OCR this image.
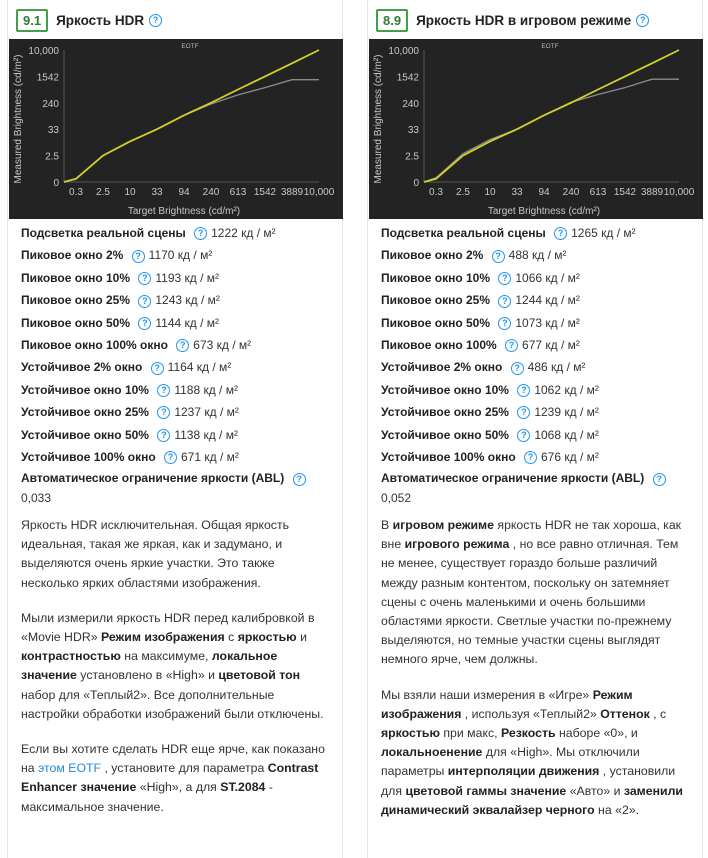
9.1	Яркость HDR ?
EOTF
Measured Brightness (cd/m²)
Target Brightness (cd/m²)
10,000
1542
240
33
2.5
0
0.3 2.5 10 33 94 240 613 1542 3889 10,000
Подсветка реальной сцены ? 1222 кд / м²
Пиковое окно 2% ? 1170 кд / м²
Пиковое окно 10% ? 1193 кд / м²
Пиковое окно 25% ? 1243 кд / м²
Пиковое окно 50% ? 1144 кд / м²
Пиковое окно 100% окно ? 673 кд / м²
Устойчивое 2% окно ? 1164 кд / м²
Устойчивое окно 10% ? 1188 кд / м²
Устойчивое окно 25% ? 1237 кд / м²
Устойчивое окно 50% ? 1138 кд / м²
Устойчивое 100% окно ? 671 кд / м²
Автоматическое ограничение яркости (ABL) ?
0,033

Яркость HDR исключительная. Общая яркость идеальная, такая же яркая, как и задумано, и выделяются очень яркие участки. Это также несколько ярких областями изображения.

Мыли измерили яркость HDR перед калибровкой в «Movie HDR» Режим изображения с яркостью и контрастностью на максимуме, локальное значение установлено в «High» и цветовой тон набор для «Теплый2». Все дополнительные настройки обработки изображений были отключены.

Если вы хотите сделать HDR еще ярче, как показано на этом EOTF , установите для параметра Contrast Enhancer значение «High», а для ST.2084 - максимальное значение.

8.9	Яркость HDR в игровом режиме ?
EOTF
Measured Brightness (cd/m²)
Target Brightness (cd/m²)
10,000
1542
240
33
2.5
0
0.3 2.5 10 33 94 240 613 1542 3889 10,000
Подсветка реальной сцены ? 1265 кд / м²
Пиковое окно 2% ? 488 кд / м²
Пиковое окно 10% ? 1066 кд / м²
Пиковое окно 25% ? 1244 кд / м²
Пиковое окно 50% ? 1073 кд / м²
Пиковое окно 100% ? 677 кд / м²
Устойчивое 2% окно ? 486 кд / м²
Устойчивое окно 10% ? 1062 кд / м²
Устойчивое окно 25% ? 1239 кд / м²
Устойчивое окно 50% ? 1068 кд / м²
Устойчивое 100% окно ? 676 кд / м²
Автоматическое ограничение яркости (ABL) ?
0,052

В игровом режиме яркость HDR не так хороша, как вне игрового режима , но все равно отличная. Тем не менее, существует гораздо больше различий между разным контентом, поскольку он затемняет сцены с очень маленькими и очень большими областями яркости. Светлые участки по-прежнему выделяются, но темные участки сцены выглядят немного ярче, чем должны.

Мы взяли наши измерения в «Игре» Режим изображения , используя «Теплый2» Оттенок , с яркостью при макс, Резкость наборе «0», и локальноенение для «High». Мы отключили параметры интерполяции движения , установили для цветовой гаммы значение «Авто» и заменили динамический эквалайзер черного на «2».
